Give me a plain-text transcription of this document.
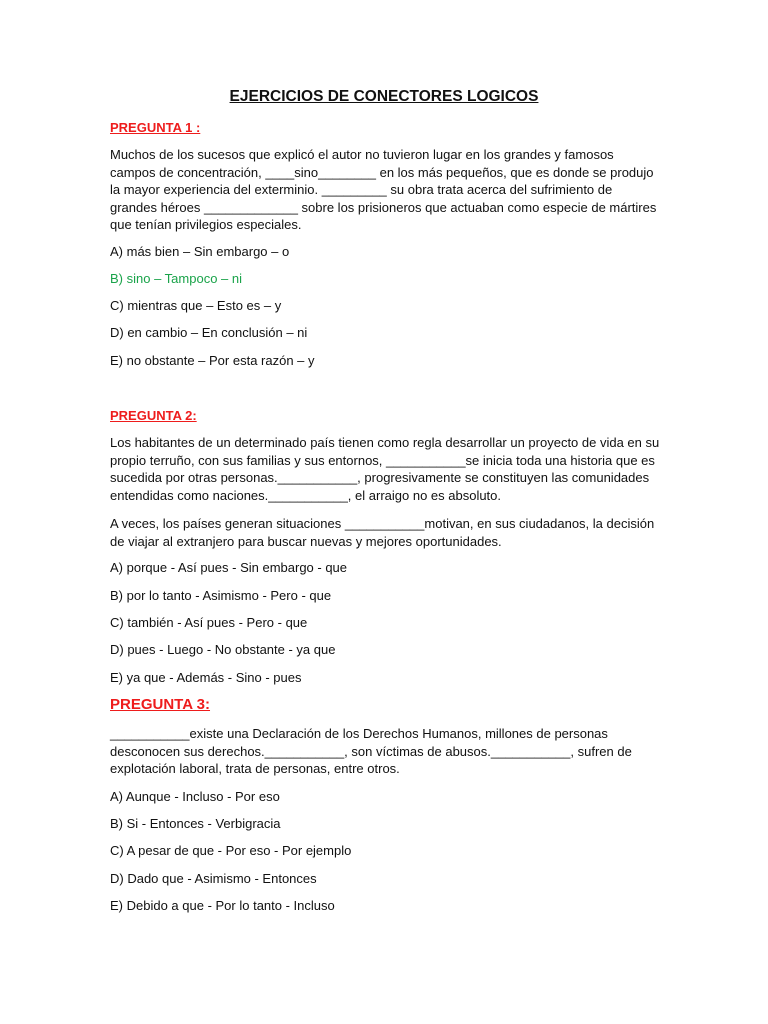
EJERCICIOS DE CONECTORES LOGICOS

PREGUNTA 1 :

Muchos de los sucesos que explicó el autor no tuvieron lugar en los grandes y famosos campos de concentración, ____sino________ en los más pequeños, que es donde se produjo la mayor experiencia del exterminio. _________ su obra trata acerca del sufrimiento de grandes héroes _____________ sobre los prisioneros que actuaban como especie de mártires que tenían privilegios especiales.

A) más bien – Sin embargo – o

B) sino – Tampoco – ni

C) mientras que – Esto es – y

D) en cambio – En conclusión – ni

E) no obstante – Por esta razón – y

PREGUNTA 2:

Los habitantes de un determinado país tienen como regla desarrollar un proyecto de vida en su propio terruño, con sus familias y sus entornos, ___________se inicia toda una historia que es sucedida por otras personas.___________, progresivamente se constituyen las comunidades entendidas como naciones.___________, el arraigo no es absoluto.

A veces, los países generan situaciones ___________motivan, en sus ciudadanos, la decisión de viajar al extranjero para buscar nuevas y mejores oportunidades.

A) porque - Así pues - Sin embargo - que

B) por lo tanto - Asimismo - Pero - que

C) también - Así pues - Pero - que

D) pues - Luego - No obstante - ya que

E) ya que - Además - Sino - pues

PREGUNTA 3:

___________existe una Declaración de los Derechos Humanos, millones de personas desconocen sus derechos.___________, son víctimas de abusos.___________, sufren de explotación laboral, trata de personas, entre otros.

A) Aunque - Incluso - Por eso

B) Si - Entonces - Verbigracia

C) A pesar de que - Por eso - Por ejemplo

D) Dado que - Asimismo - Entonces

E) Debido a que - Por lo tanto - Incluso
